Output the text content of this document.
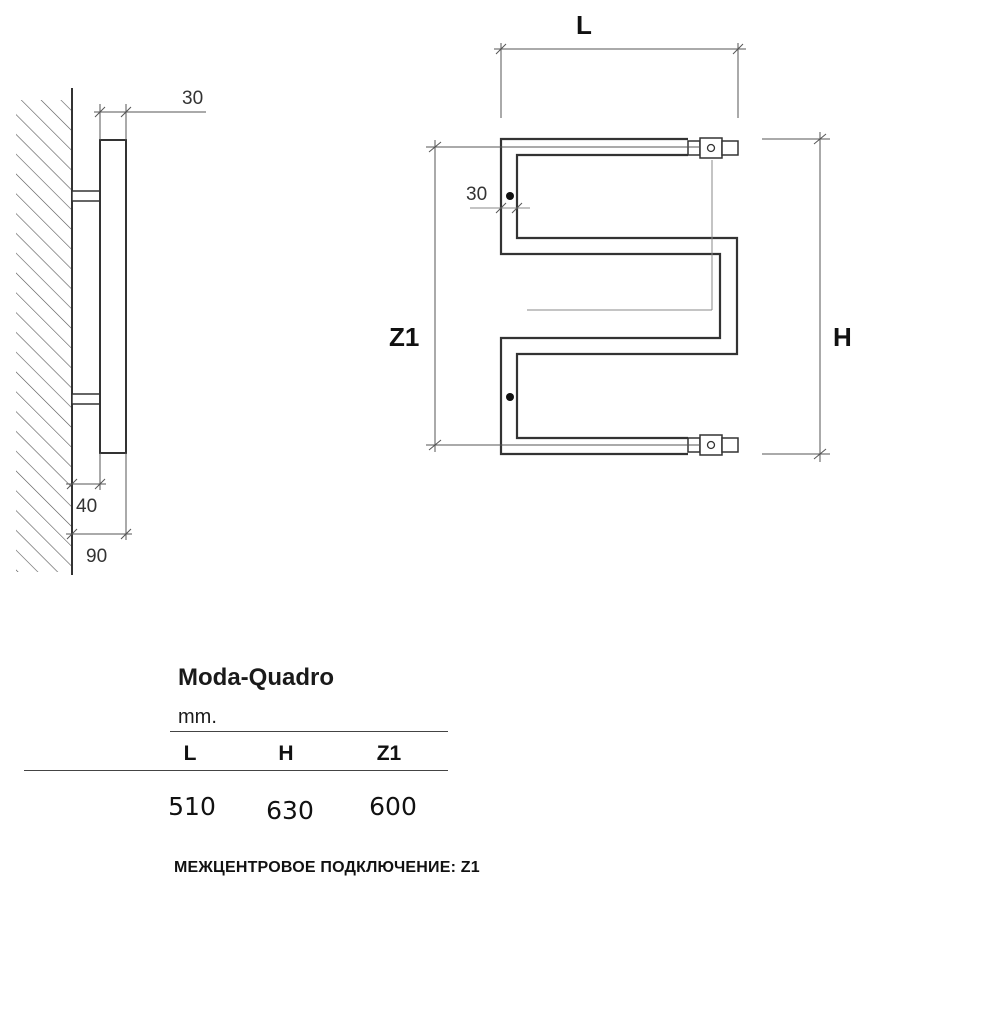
30
40
90
L
H
Z1
30
Moda-Quadro
mm.
L	H	Z1
510	630	600
МЕЖЦЕНТРОВОЕ ПОДКЛЮЧЕНИЕ: Z1
